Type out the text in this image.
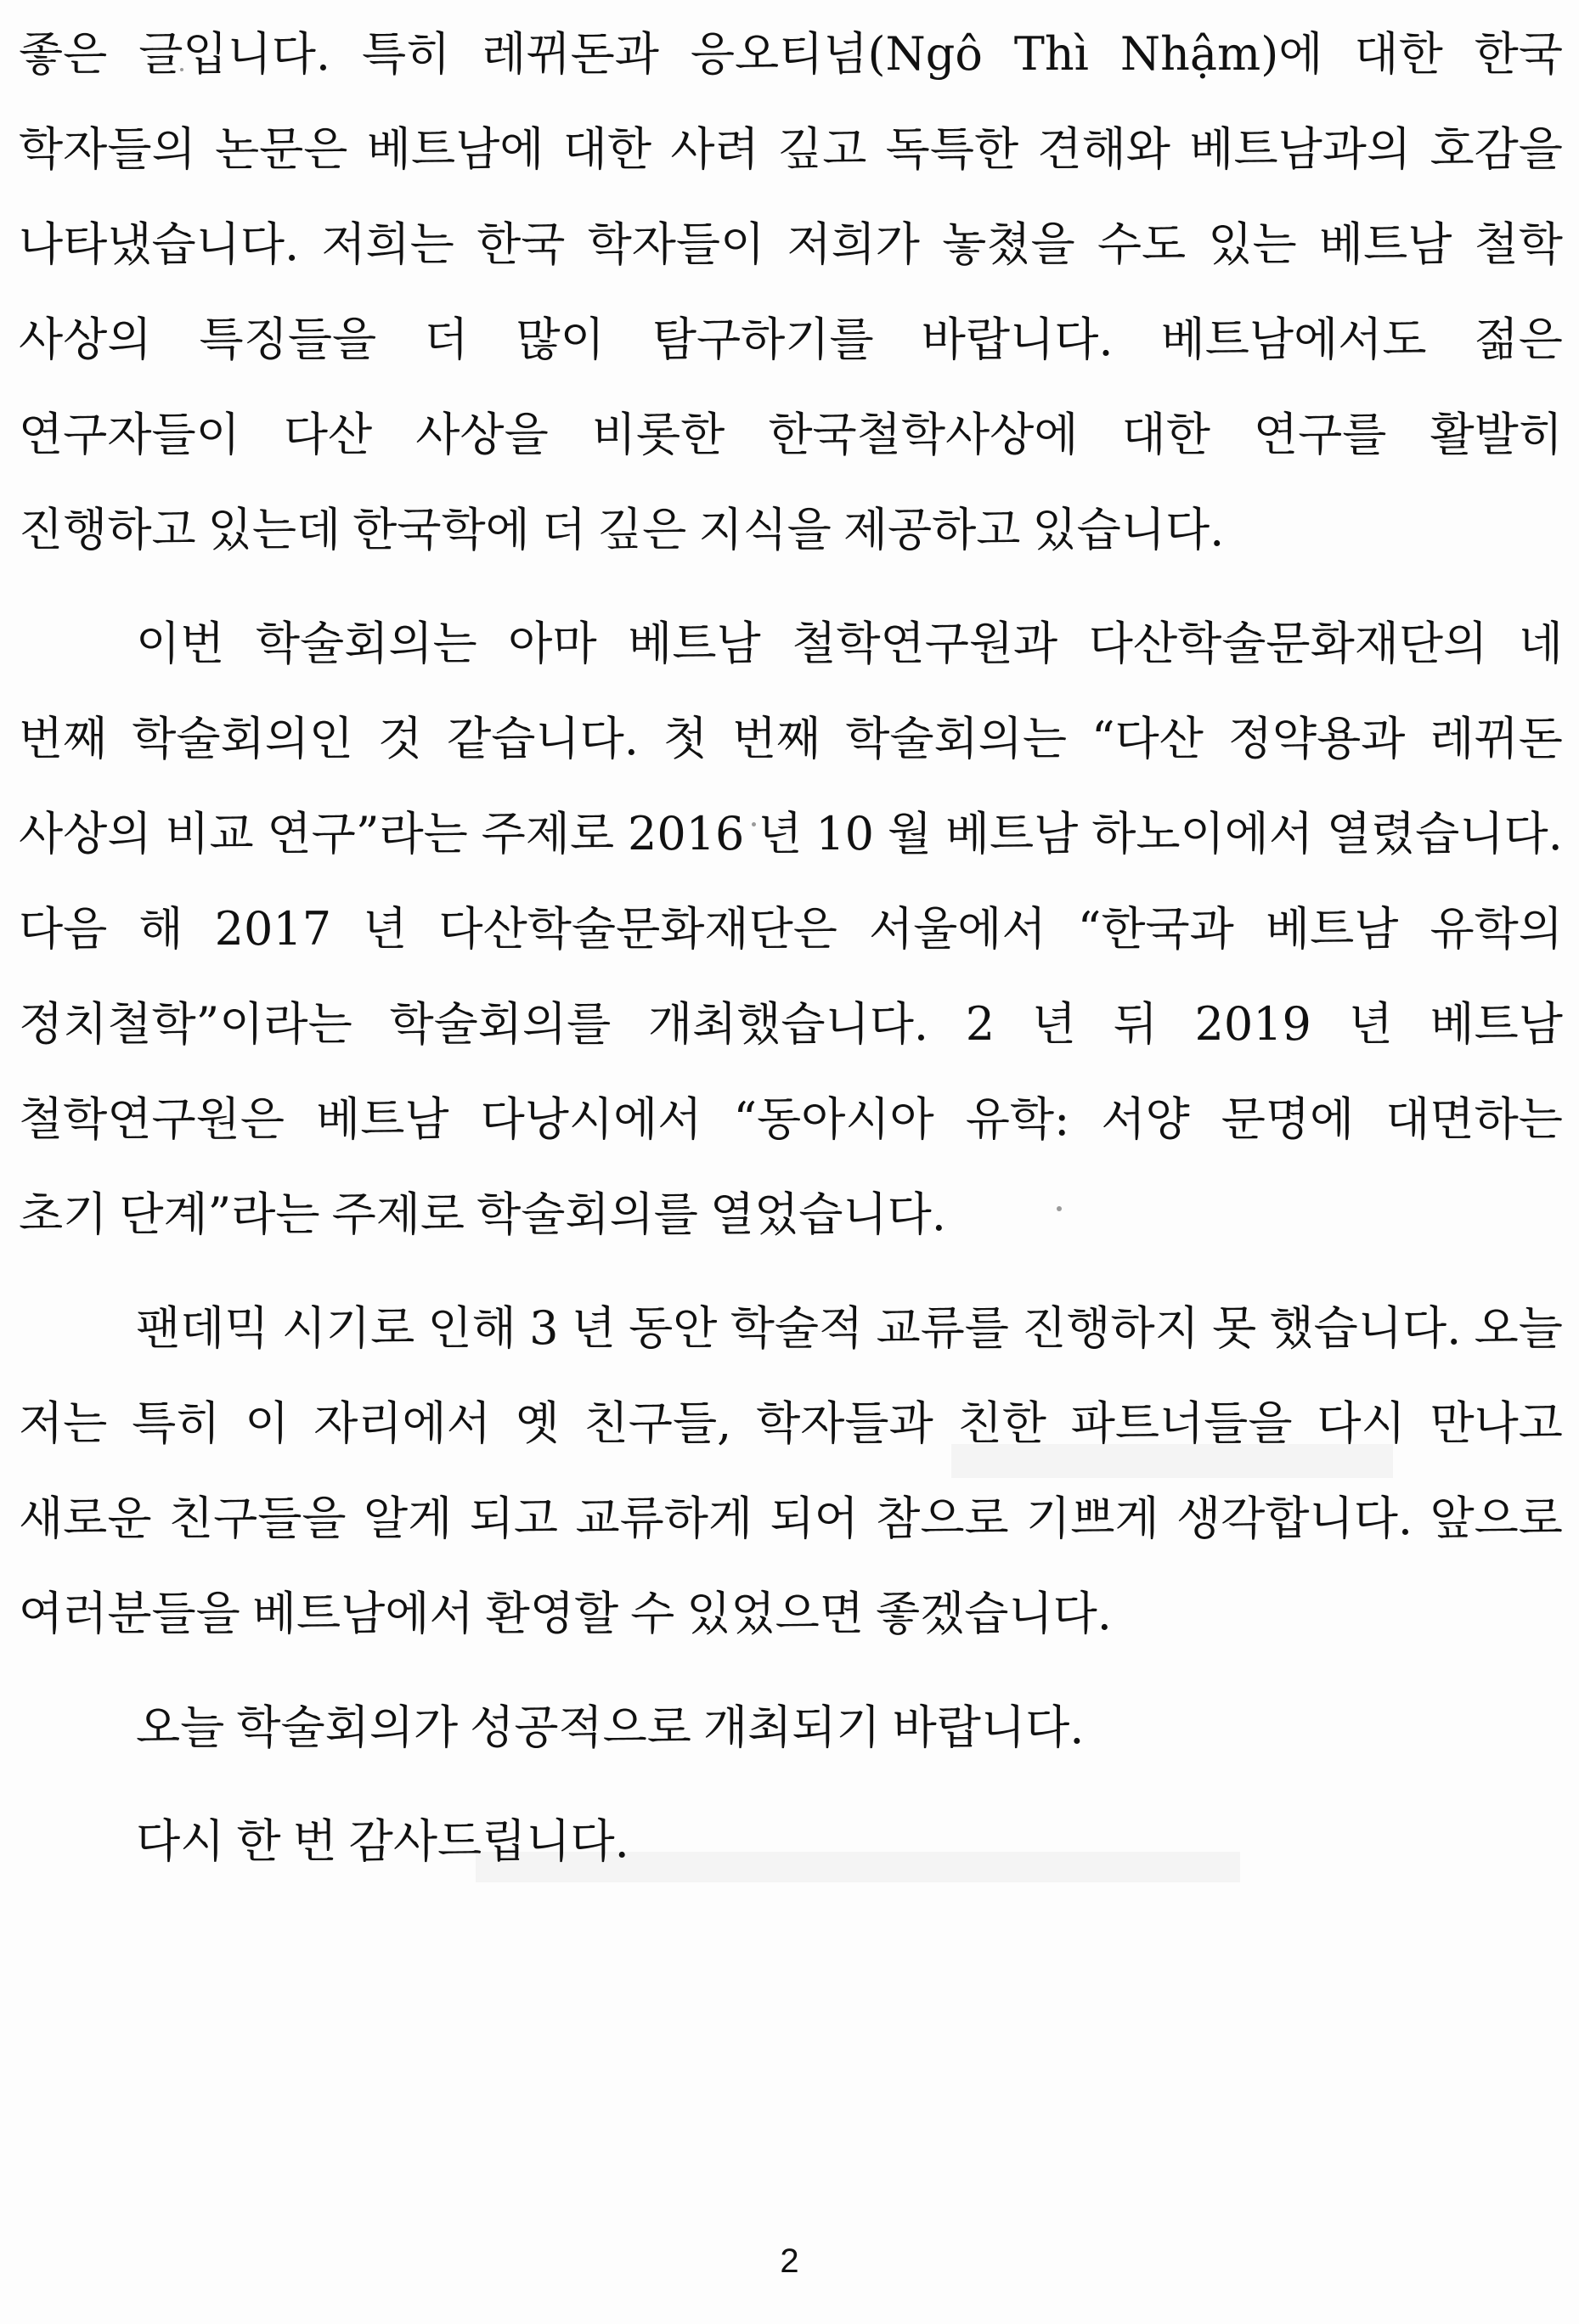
좋은 글입니다. 특히 레뀌돈과 응오티넘(Ngô Thì Nhậm)에 대한 한국
학자들의 논문은 베트남에 대한 사려 깊고 독특한 견해와 베트남과의 호감을
나타냈습니다. 저희는 한국 학자들이 저희가 놓쳤을 수도 있는 베트남 철학
사상의 특징들을 더 많이 탐구하기를 바랍니다. 베트남에서도 젊은
연구자들이 다산 사상을 비롯한 한국철학사상에 대한 연구를 활발히
진행하고 있는데 한국학에 더 깊은 지식을 제공하고 있습니다.
이번 학술회의는 아마 베트남 철학연구원과 다산학술문화재단의 네
번째 학술회의인 것 같습니다. 첫 번째 학술회의는 “다산 정약용과 레뀌돈
사상의 비교 연구”라는 주제로 2016 년 10 월 베트남 하노이에서 열렸습니다.
다음 해 2017 년 다산학술문화재단은 서울에서 “한국과 베트남 유학의
정치철학”이라는 학술회의를 개최했습니다. 2 년 뒤 2019 년 베트남
철학연구원은 베트남 다낭시에서 “동아시아 유학: 서양 문명에 대면하는
초기 단계”라는 주제로 학술회의를 열었습니다.
팬데믹 시기로 인해 3 년 동안 학술적 교류를 진행하지 못 했습니다. 오늘
저는 특히 이 자리에서 옛 친구들, 학자들과 친한 파트너들을 다시 만나고
새로운 친구들을 알게 되고 교류하게 되어 참으로 기쁘게 생각합니다. 앞으로
여러분들을 베트남에서 환영할 수 있었으면 좋겠습니다.
오늘 학술회의가 성공적으로 개최되기 바랍니다.
다시 한 번 감사드립니다.
2
